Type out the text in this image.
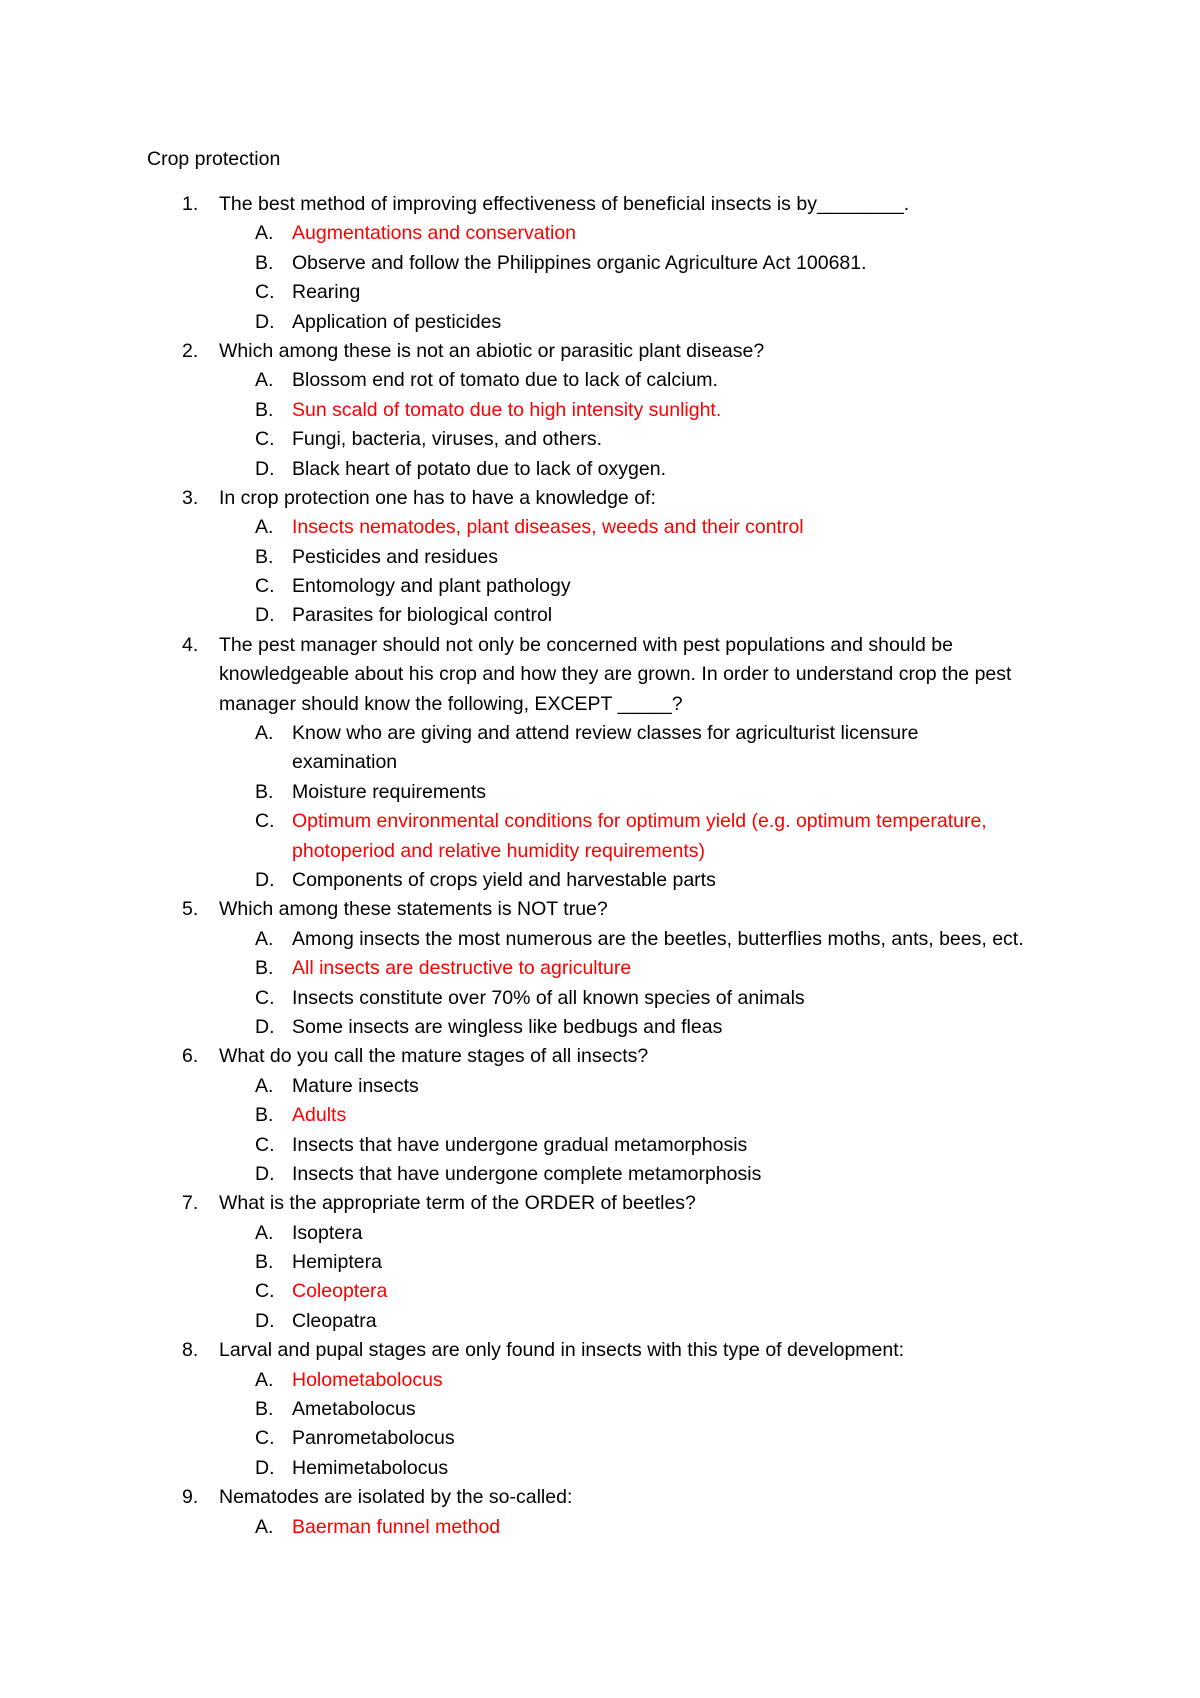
Crop protection
1.	The best method of improving effectiveness of beneficial insects is by________.
A. Augmentations and conservation
B. Observe and follow the Philippines organic Agriculture Act 100681.
C. Rearing
D. Application of pesticides
2.	Which among these is not an abiotic or parasitic plant disease?
A. Blossom end rot of tomato due to lack of calcium.
B. Sun scald of tomato due to high intensity sunlight.
C. Fungi, bacteria, viruses, and others.
D. Black heart of potato due to lack of oxygen.
3.	In crop protection one has to have a knowledge of:
A. Insects nematodes, plant diseases, weeds and their control
B. Pesticides and residues
C. Entomology and plant pathology
D. Parasites for biological control
4.	The pest manager should not only be concerned with pest populations and should be
knowledgeable about his crop and how they are grown. In order to understand crop the pest
manager should know the following, EXCEPT _____?
A. Know who are giving and attend review classes for agriculturist licensure
examination
B. Moisture requirements
C. Optimum environmental conditions for optimum yield (e.g. optimum temperature,
photoperiod and relative humidity requirements)
D. Components of crops yield and harvestable parts
5.	Which among these statements is NOT true?
A. Among insects the most numerous are the beetles, butterflies moths, ants, bees, ect.
B. All insects are destructive to agriculture
C. Insects constitute over 70% of all known species of animals
D. Some insects are wingless like bedbugs and fleas
6.	What do you call the mature stages of all insects?
A. Mature insects
B. Adults
C. Insects that have undergone gradual metamorphosis
D. Insects that have undergone complete metamorphosis
7.	What is the appropriate term of the ORDER of beetles?
A. Isoptera
B. Hemiptera
C. Coleoptera
D. Cleopatra
8.	Larval and pupal stages are only found in insects with this type of development:
A. Holometabolocus
B. Ametabolocus
C. Panrometabolocus
D. Hemimetabolocus
9.	Nematodes are isolated by the so-called:
A. Baerman funnel method
